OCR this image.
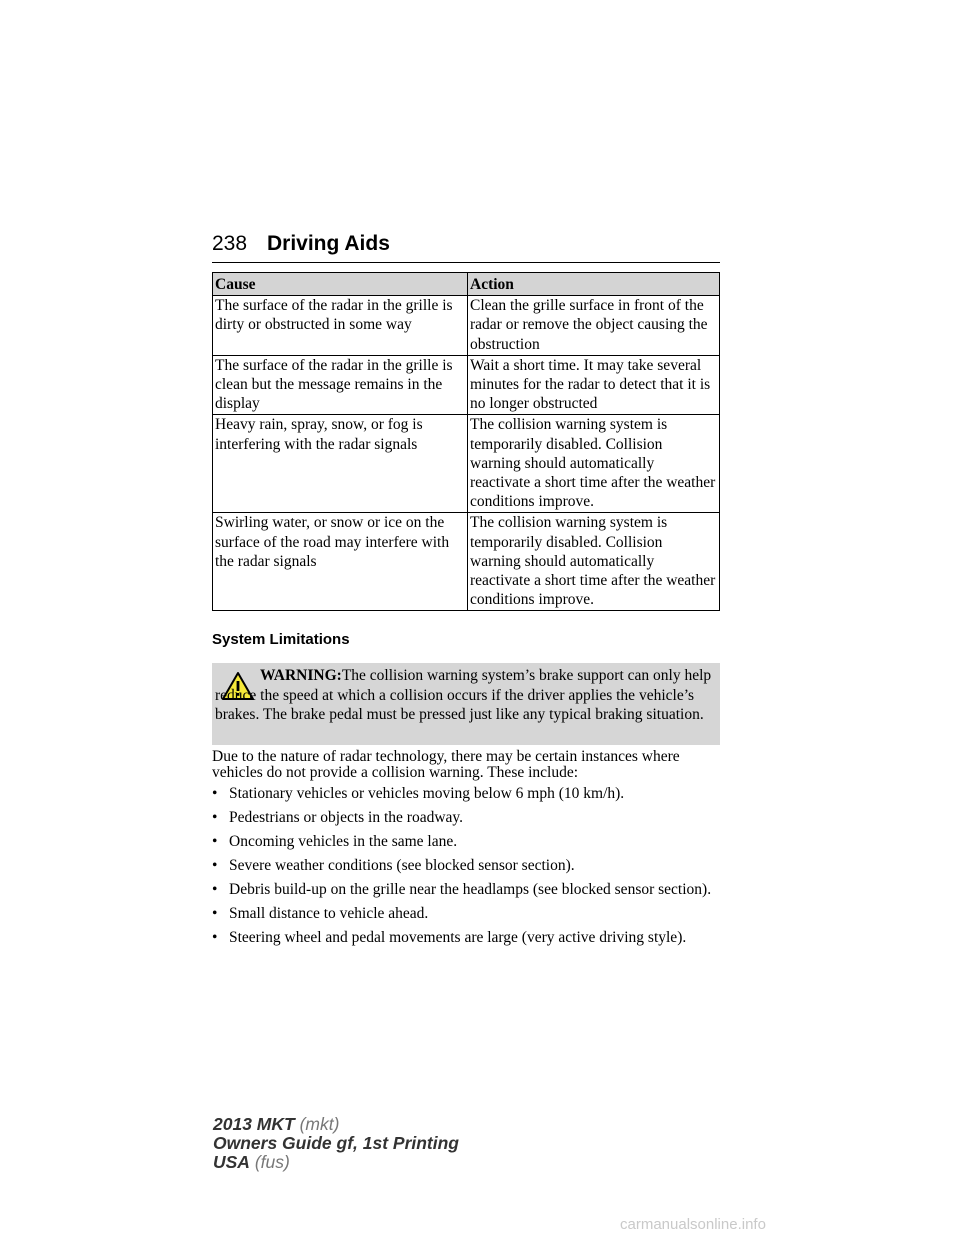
238 Driving Aids
Cause	Action
The surface of the radar in the grille is dirty or obstructed in some way	Clean the grille surface in front of the radar or remove the object causing the obstruction
The surface of the radar in the grille is clean but the message remains in the display	Wait a short time. It may take several minutes for the radar to detect that it is no longer obstructed
Heavy rain, spray, snow, or fog is interfering with the radar signals	The collision warning system is temporarily disabled. Collision warning should automatically reactivate a short time after the weather conditions improve.
Swirling water, or snow or ice on the surface of the road may interfere with the radar signals	The collision warning system is temporarily disabled. Collision warning should automatically reactivate a short time after the weather conditions improve.
System Limitations
WARNING:The collision warning system’s brake support can only help reduce the speed at which a collision occurs if the driver applies the vehicle’s brakes. The brake pedal must be pressed just like any typical braking situation.
Due to the nature of radar technology, there may be certain instances where vehicles do not provide a collision warning. These include:
• Stationary vehicles or vehicles moving below 6 mph (10 km/h).
• Pedestrians or objects in the roadway.
• Oncoming vehicles in the same lane.
• Severe weather conditions (see blocked sensor section).
• Debris build-up on the grille near the headlamps (see blocked sensor section).
• Small distance to vehicle ahead.
• Steering wheel and pedal movements are large (very active driving style).
2013 MKT (mkt)
Owners Guide gf, 1st Printing
USA (fus)
carmanualsonline.info
